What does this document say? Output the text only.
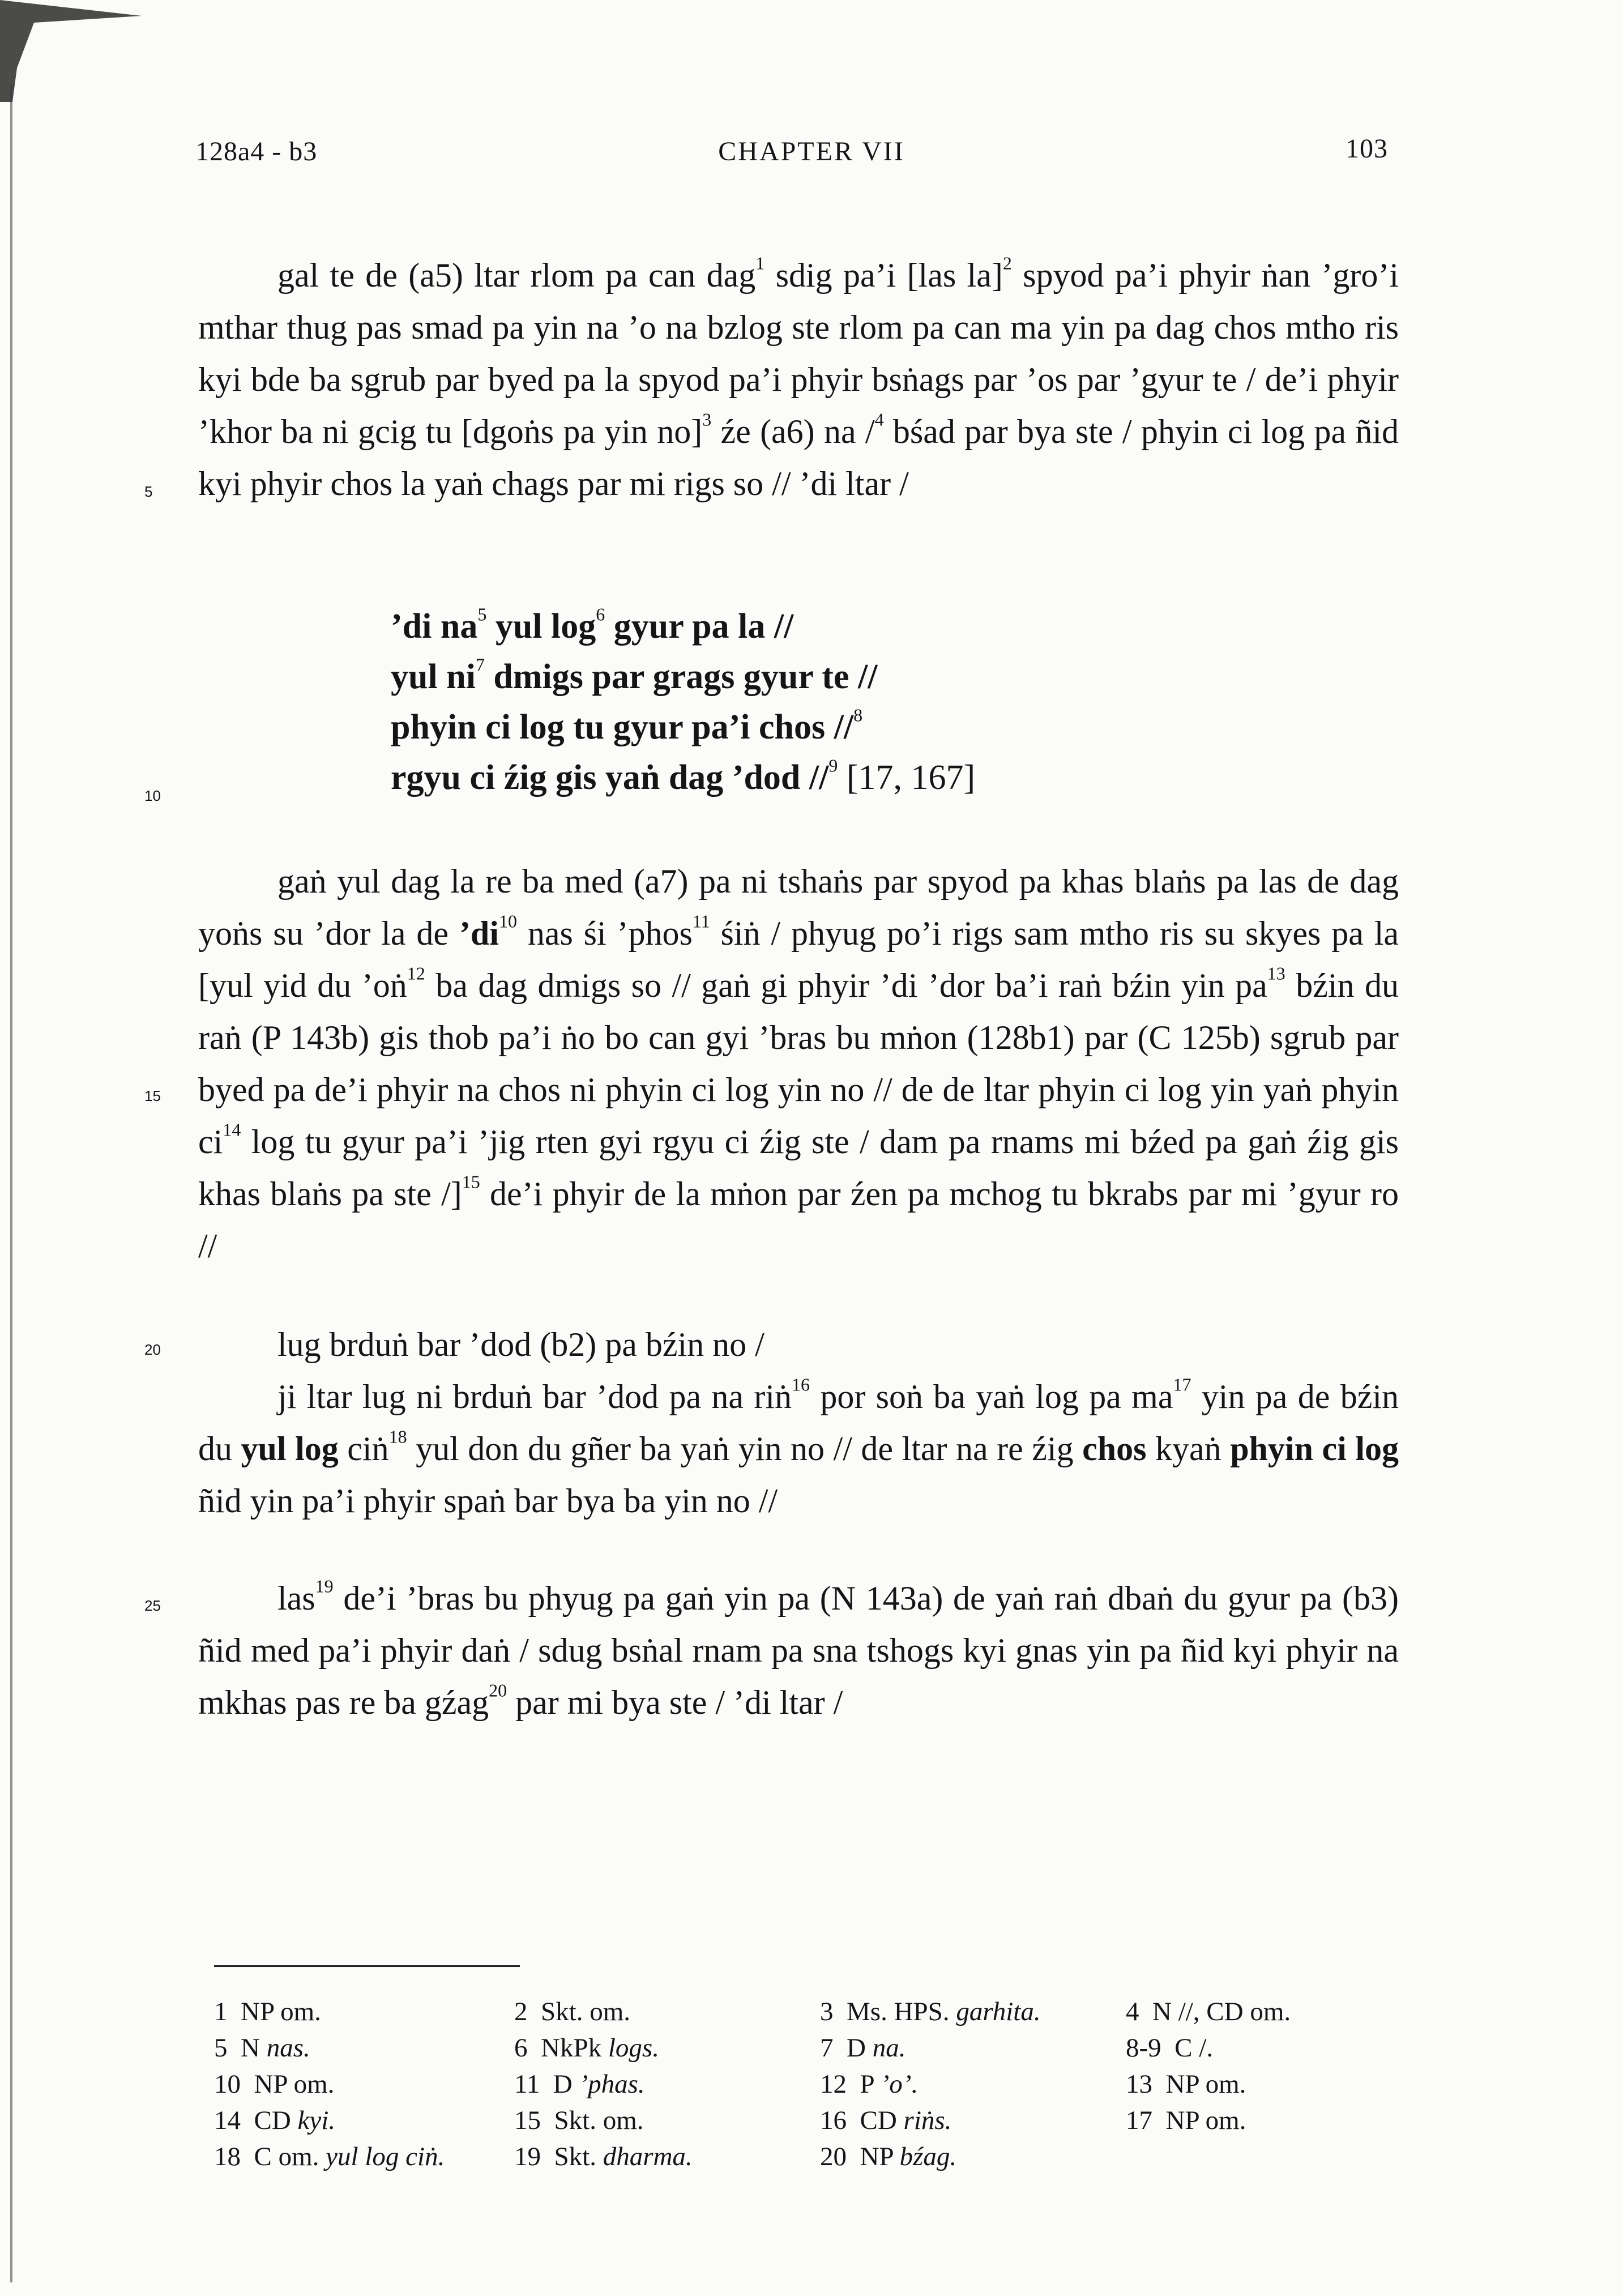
128a4 - b3	CHAPTER VII	103
5
10
15
20
25
gal te de (a5) ltar rlom pa can dag$^1$ sdig pa’i [las la]$^2$ spyod pa’i phyir ṅan ’gro’i mthar thug pas smad pa yin na ’o na bzlog ste rlom pa can ma yin pa dag chos mtho ris kyi bde ba sgrub par byed pa la spyod pa’i phyir bsṅags par ’os par ’gyur te / de’i phyir ’khor ba ni gcig tu [dgoṅs pa yin no]$^3$ źe (a6) na /$^4$ bśad par bya ste / phyin ci log pa ñid kyi phyir chos la yaṅ chags par mi rigs so // ’di ltar /
’di $na^5$ yul $\log^6$ gyur pa la //
yul $ni^7$ dmigs par grags gyur te //
phyin ci log tu gyur pa’i chos //$^8$
rgyu ci źig gis yaṅ dag ’dod //$^9$ [17, 167]
gaṅ yul dag la re ba med (a7) pa ni tshaṅs par spyod pa khas blaṅs pa las de dag yoṅs su ’dor la de $’di^{10}$ nas śi ’phos$^{11}$ śiṅ / phyug po’i rigs sam mtho ris su skyes pa la [yul yid du ’oṅ$^{12}$ ba dag dmigs so // gaṅ gi phyir ’di ’dor ba’i raṅ bźin yin $pa^{13}$ bźin du raṅ (P 143b) gis thob pa’i ṅo bo can gyi ’bras bu mṅon (128b1) par (C 125b) sgrub par byed pa de’i phyir na chos ni phyin ci log yin no // de de ltar phyin ci log yin yaṅ phyin $ci^{14}$ log tu gyur pa’i ’jig rten gyi rgyu ci źig ste / dam pa rnams mi bźed pa gaṅ źig gis khas blaṅs pa ste /]$^{15}$ de’i phyir de la mṅon par źen pa mchog tu bkrabs par mi ’gyur ro //
lug brduṅ bar ’dod (b2) pa bźin no /
ji ltar lug ni brduṅ bar ’dod pa na riṅ$^{16}$ por soṅ ba yaṅ log pa $ma^{17}$ yin pa de bźin du yul log ciṅ$^{18}$ yul don du gñer ba yaṅ yin no // de ltar na re źig chos kyaṅ phyin ci log ñid yin pa’i phyir spaṅ bar bya ba yin no //
las$^{19}$ de’i ’bras bu phyug pa gaṅ yin pa (N 143a) de yaṅ raṅ dbaṅ du gyur pa (b3) ñid med pa’i phyir daṅ / sdug bsṅal rnam pa sna tshogs kyi gnas yin pa ñid kyi phyir na mkhas pas re ba gźag$^{20}$ par mi bya ste / ’di ltar /
1 NP om.	2 Skt. om.	3 Ms. HPS. garhita.	4 N //, CD om.
5 N nas.	6 NkPk logs.	7 D na.	8-9 C /.
10 NP om.	11 D ’phas.	12 P ’o’.	13 NP om.
14 CD kyi.	15 Skt. om.	16 CD riṅs.	17 NP om.
18 C om. yul log ciṅ.	19 Skt. dharma.	20 NP bźag.
